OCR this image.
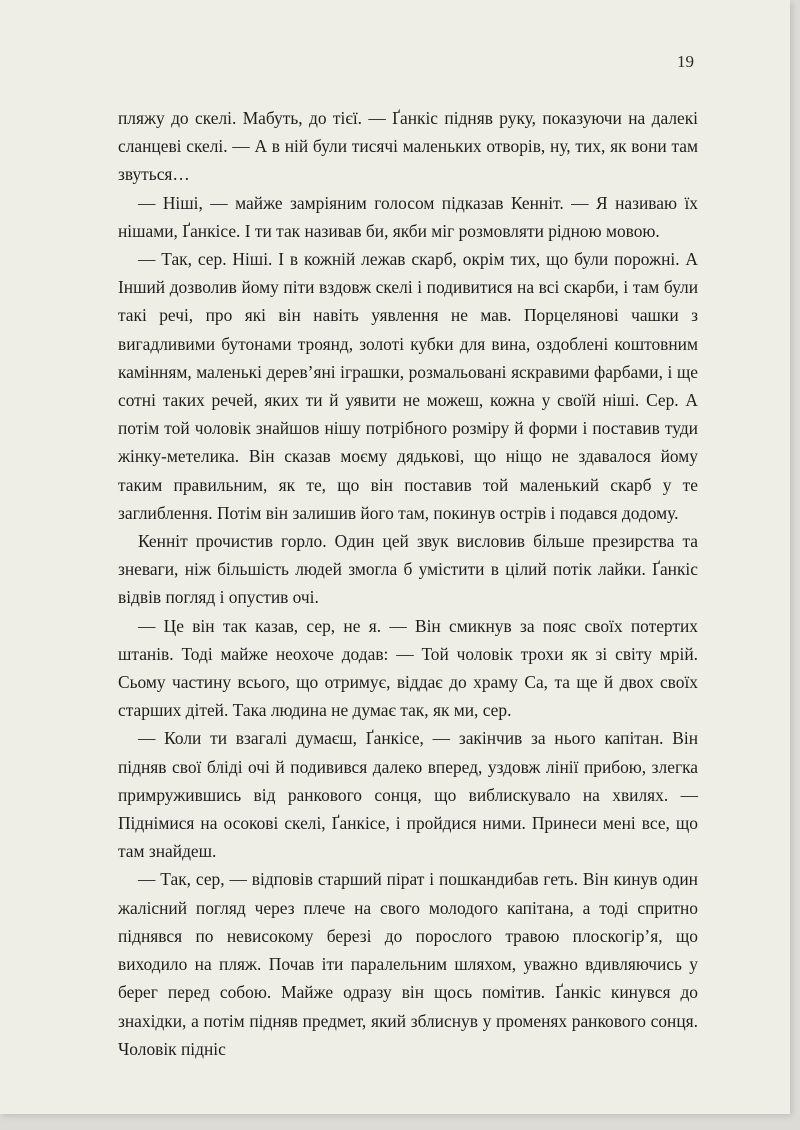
19

пляжу до скелі. Мабуть, до тієї. — Ґанкіс підняв руку, показуючи на далекі сланцеві скелі. — А в ній були тисячі маленьких отворів, ну, тих, як вони там звуться…

— Ніші, — майже замріяним голосом підказав Кенніт. — Я називаю їх нішами, Ґанкісе. І ти так називав би, якби міг розмовляти рідною мовою.

— Так, сер. Ніші. І в кожній лежав скарб, окрім тих, що були порожні. А Інший дозволив йому піти вздовж скелі і подивитися на всі скарби, і там були такі речі, про які він навіть уявлення не мав. Порцелянові чашки з вигадливими бутонами троянд, золоті кубки для вина, оздоблені коштовним камінням, маленькі дерев’яні іграшки, розмальовані яскравими фарбами, і ще сотні таких речей, яких ти й уявити не можеш, кожна у своїй ніші. Сер. А потім той чоловік знайшов нішу потрібного розміру й форми і поставив туди жінку-метелика. Він сказав моєму дядькові, що ніщо не здавалося йому таким правильним, як те, що він поставив той маленький скарб у те заглиблення. Потім він залишив його там, покинув острів і подався додому.

Кенніт прочистив горло. Один цей звук висловив більше презирства та зневаги, ніж більшість людей змогла б умістити в цілий потік лайки. Ґанкіс відвів погляд і опустив очі.

— Це він так казав, сер, не я. — Він смикнув за пояс своїх потертих штанів. Тоді майже неохоче додав: — Той чоловік трохи як зі світу мрій. Сьому частину всього, що отримує, віддає до храму Са, та ще й двох своїх старших дітей. Така людина не думає так, як ми, сер.

— Коли ти взагалі думаєш, Ґанкісе, — закінчив за нього капітан. Він підняв свої бліді очі й подивився далеко вперед, уздовж лінії прибою, злегка примружившись від ранкового сонця, що виблискувало на хвилях. — Піднімися на осокові скелі, Ґанкісе, і пройдися ними. Принеси мені все, що там знайдеш.

— Так, сер, — відповів старший пірат і пошкандибав геть. Він кинув один жалісний погляд через плече на свого молодого капітана, а тоді спритно піднявся по невисокому березі до порослого травою плоскогір’я, що виходило на пляж. Почав іти паралельним шляхом, уважно вдивляючись у берег перед собою. Майже одразу він щось помітив. Ґанкіс кинувся до знахідки, а потім підняв предмет, який зблиснув у променях ранкового сонця. Чоловік підніс
